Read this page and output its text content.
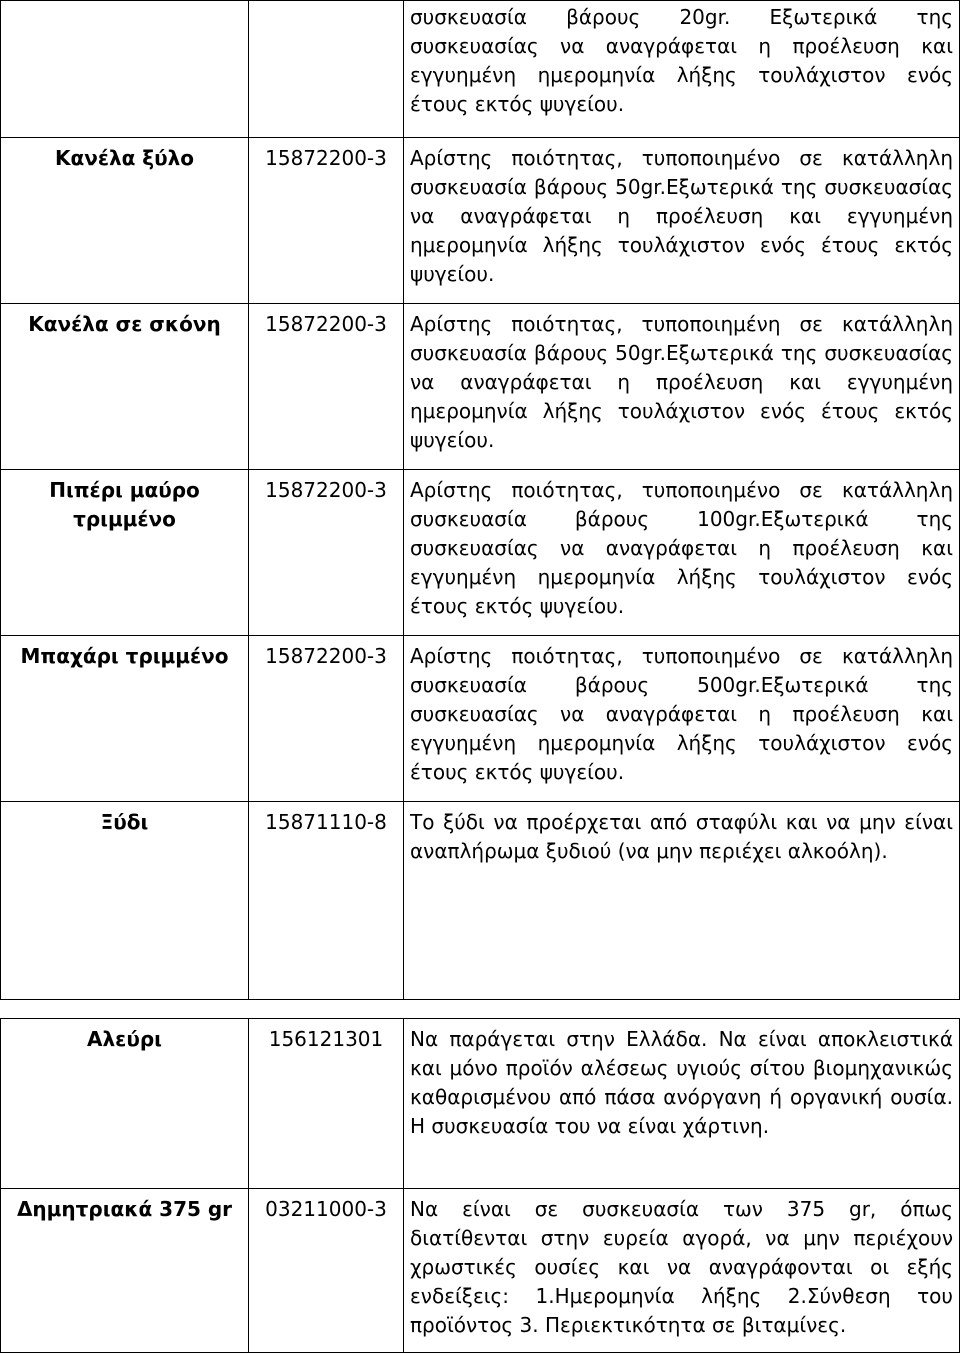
		συσκευασία βάρους 20gr. Εξωτερικά της συσκευασίας να αναγράφεται η προέλευση και εγγυημένη ημερομηνία λήξης τουλάχιστον ενός έτους εκτός ψυγείου.
Κανέλα ξύλο	15872200-3	Αρίστης ποιότητας, τυποποιημένο σε κατάλληλη συσκευασία βάρους 50gr.Εξωτερικά της συσκευασίας να αναγράφεται η προέλευση και εγγυημένη ημερομηνία λήξης τουλάχιστον ενός έτους εκτός ψυγείου.
Κανέλα σε σκόνη	15872200-3	Αρίστης ποιότητας, τυποποιημένη σε κατάλληλη συσκευασία βάρους 50gr.Εξωτερικά της συσκευασίας να αναγράφεται η προέλευση και εγγυημένη ημερομηνία λήξης τουλάχιστον ενός έτους εκτός ψυγείου.
Πιπέρι μαύρο τριμμένο	15872200-3	Αρίστης ποιότητας, τυποποιημένο σε κατάλληλη συσκευασία βάρους 100gr.Εξωτερικά της συσκευασίας να αναγράφεται η προέλευση και εγγυημένη ημερομηνία λήξης τουλάχιστον ενός έτους εκτός ψυγείου.
Μπαχάρι τριμμένο	15872200-3	Αρίστης ποιότητας, τυποποιημένο σε κατάλληλη συσκευασία βάρους 500gr.Εξωτερικά της συσκευασίας να αναγράφεται η προέλευση και εγγυημένη ημερομηνία λήξης τουλάχιστον ενός έτους εκτός ψυγείου.
Ξύδι	15871110-8	Το ξύδι να προέρχεται από σταφύλι και να μην είναι αναπλήρωμα ξυδιού (να μην περιέχει αλκοόλη).
Αλεύρι	156121301	Να παράγεται στην Ελλάδα. Να είναι αποκλειστικά και μόνο προϊόν αλέσεως υγιούς σίτου βιομηχανικώς καθαρισμένου από πάσα ανόργανη ή οργανική ουσία. Η συσκευασία του να είναι χάρτινη.
Δημητριακά 375 gr	03211000-3	Να είναι σε συσκευασία των 375 gr, όπως διατίθενται στην ευρεία αγορά, να μην περιέχουν χρωστικές ουσίες και να αναγράφονται οι εξής ενδείξεις: 1.Ημερομηνία λήξης 2.Σύνθεση του προϊόντος 3. Περιεκτικότητα σε βιταμίνες.
